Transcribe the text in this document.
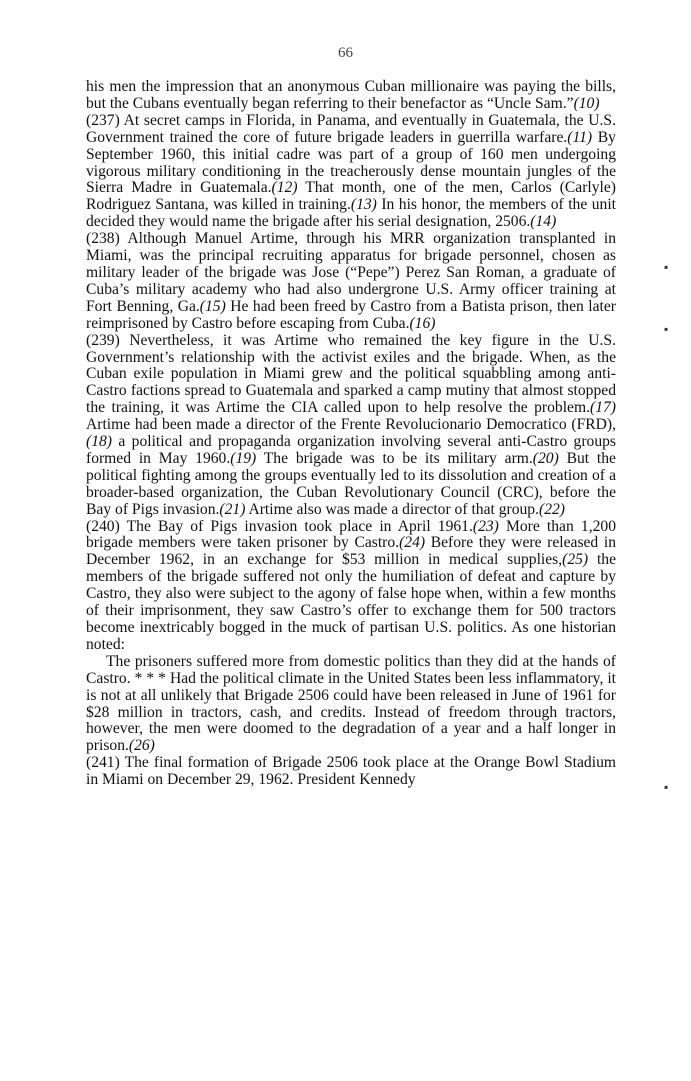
66

his men the impression that an anonymous Cuban millionaire was paying the bills, but the Cubans eventually began referring to their benefactor as “Uncle Sam.”(10)

(237) At secret camps in Florida, in Panama, and eventually in Guatemala, the U.S. Government trained the core of future brigade leaders in guerrilla warfare.(11) By September 1960, this initial cadre was part of a group of 160 men undergoing vigorous military conditioning in the treacherously dense mountain jungles of the Sierra Madre in Guatemala.(12) That month, one of the men, Carlos (Carlyle) Rodriguez Santana, was killed in training.(13) In his honor, the members of the unit decided they would name the brigade after his serial designation, 2506.(14)

(238) Although Manuel Artime, through his MRR organization transplanted in Miami, was the principal recruiting apparatus for brigade personnel, chosen as military leader of the brigade was Jose (“Pepe”) Perez San Roman, a graduate of Cuba’s military academy who had also undergrone U.S. Army officer training at Fort Benning, Ga.(15) He had been freed by Castro from a Batista prison, then later reimprisoned by Castro before escaping from Cuba.(16)

(239) Nevertheless, it was Artime who remained the key figure in the U.S. Government’s relationship with the activist exiles and the brigade. When, as the Cuban exile population in Miami grew and the political squabbling among anti-Castro factions spread to Guatemala and sparked a camp mutiny that almost stopped the training, it was Artime the CIA called upon to help resolve the problem.(17) Artime had been made a director of the Frente Revolucionario Democratico (FRD),(18) a political and propaganda organization involving several anti-Castro groups formed in May 1960.(19) The brigade was to be its military arm.(20) But the political fighting among the groups eventually led to its dissolution and creation of a broader-based organization, the Cuban Revolutionary Council (CRC), before the Bay of Pigs invasion.(21) Artime also was made a director of that group.(22)

(240) The Bay of Pigs invasion took place in April 1961.(23) More than 1,200 brigade members were taken prisoner by Castro.(24) Before they were released in December 1962, in an exchange for $53 million in medical supplies,(25) the members of the brigade suffered not only the humiliation of defeat and capture by Castro, they also were subject to the agony of false hope when, within a few months of their imprisonment, they saw Castro’s offer to exchange them for 500 tractors become inextricably bogged in the muck of partisan U.S. politics. As one historian noted:

The prisoners suffered more from domestic politics than they did at the hands of Castro. * * * Had the political climate in the United States been less inflammatory, it is not at all unlikely that Brigade 2506 could have been released in June of 1961 for $28 million in tractors, cash, and credits. Instead of freedom through tractors, however, the men were doomed to the degradation of a year and a half longer in prison.(26)

(241) The final formation of Brigade 2506 took place at the Orange Bowl Stadium in Miami on December 29, 1962. President Kennedy

▪
▪
▪
